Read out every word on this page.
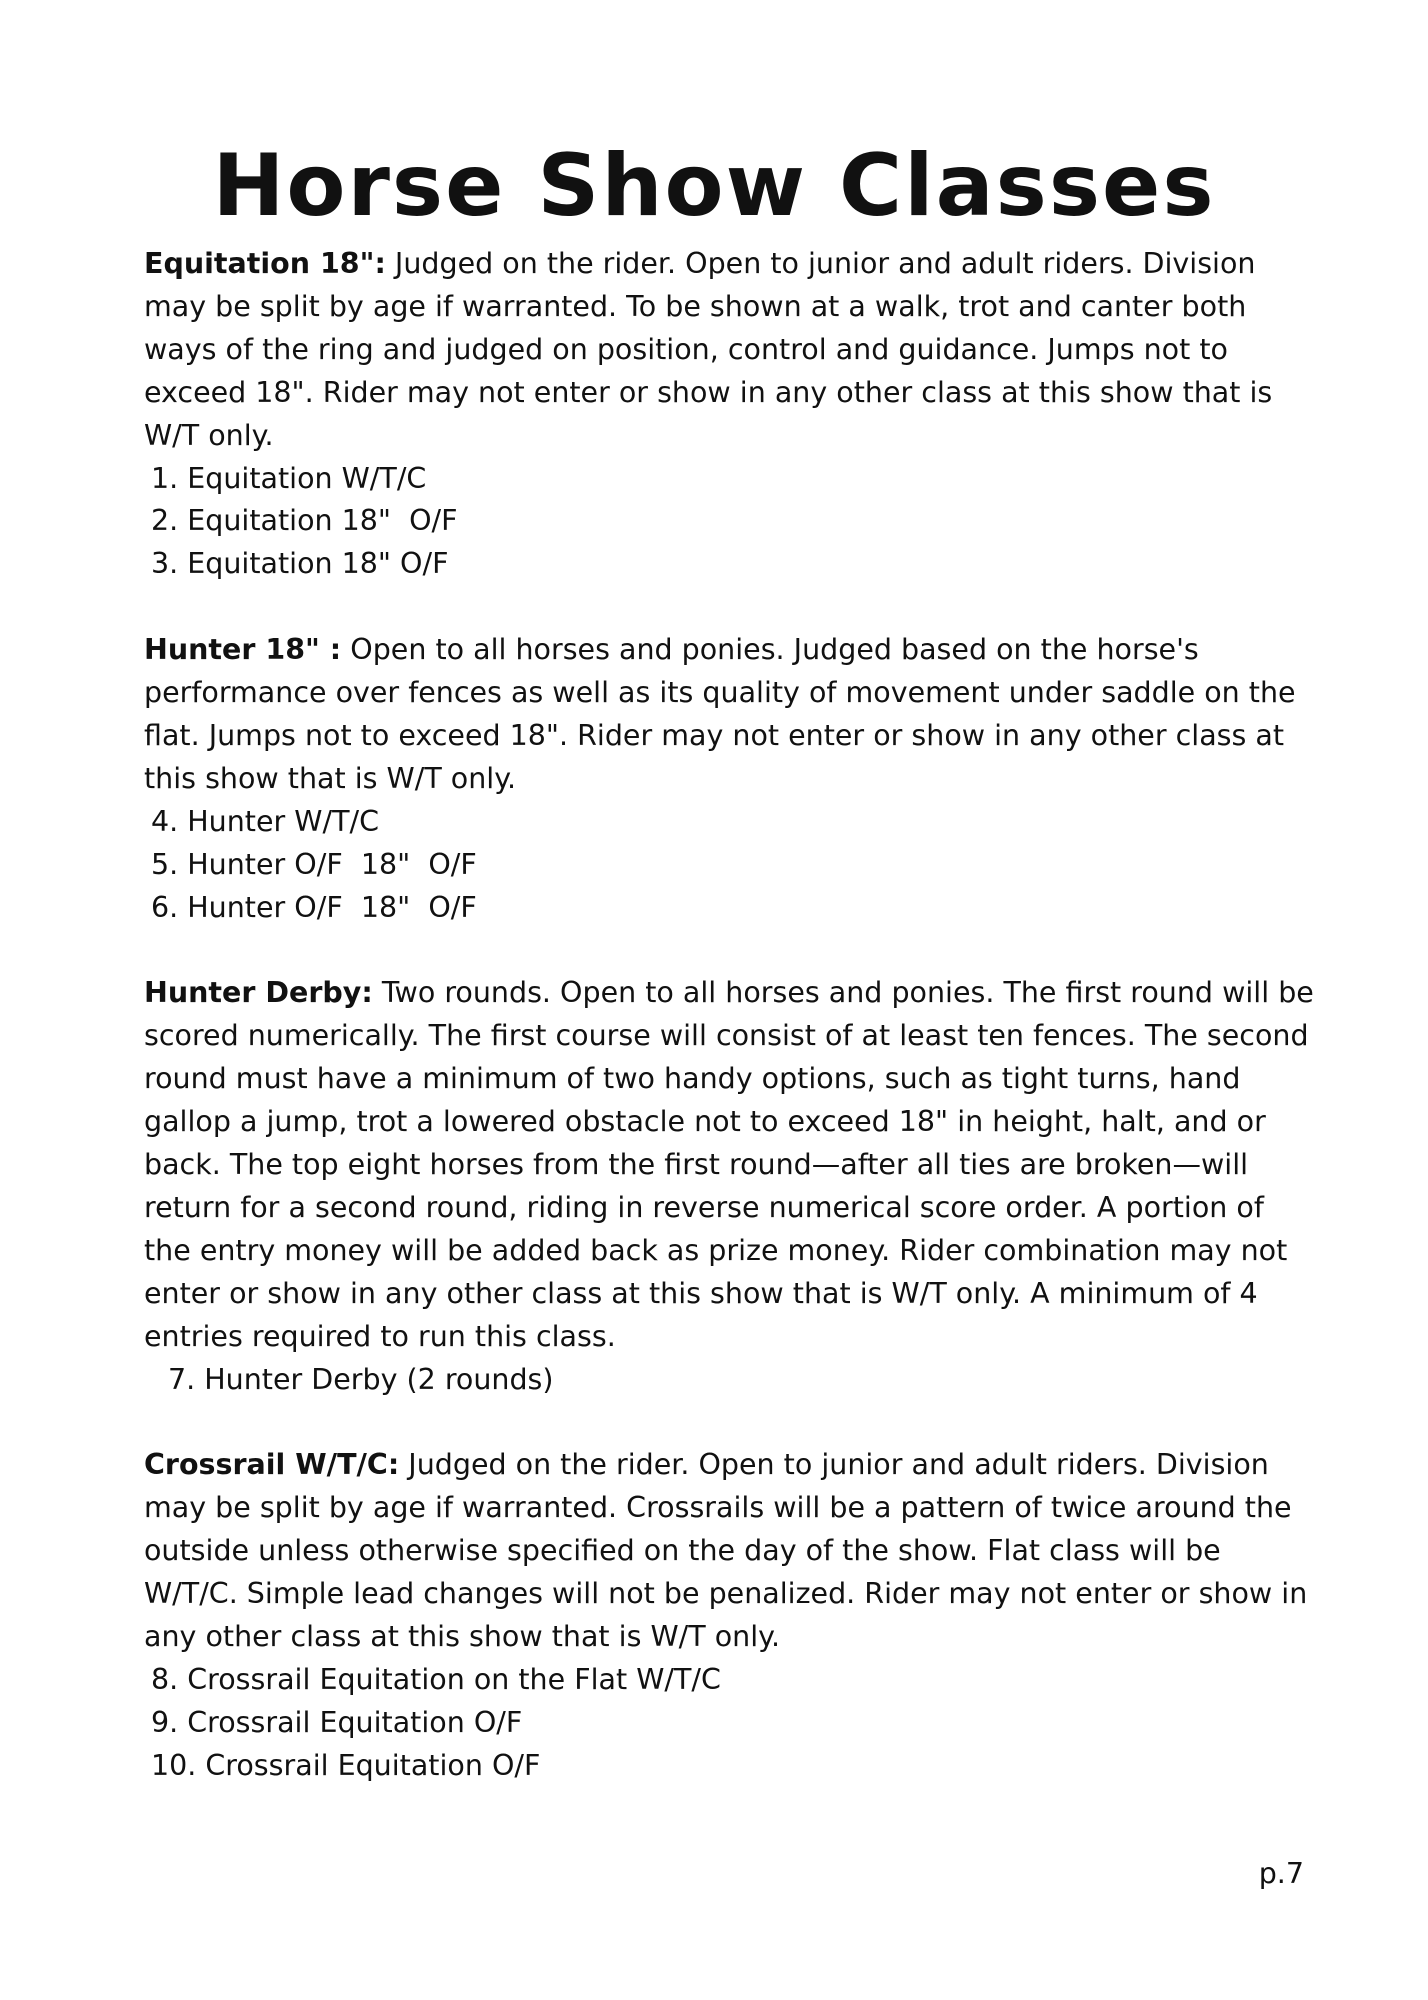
Horse Show Classes

Equitation 18": Judged on the rider. Open to junior and adult riders. Division may be split by age if warranted. To be shown at a walk, trot and canter both ways of the ring and judged on position, control and guidance. Jumps not to exceed 18". Rider may not enter or show in any other class at this show that is W/T only.

1. Equitation W/T/C
2. Equitation 18"  O/F
3. Equitation 18" O/F

Hunter 18" : Open to all horses and ponies. Judged based on the horse's performance over fences as well as its quality of movement under saddle on the flat. Jumps not to exceed 18". Rider may not enter or show in any other class at this show that is W/T only.

4. Hunter W/T/C
5. Hunter O/F  18"  O/F
6. Hunter O/F  18"  O/F

Hunter Derby: Two rounds. Open to all horses and ponies. The first round will be scored numerically. The first course will consist of at least ten fences. The second round must have a minimum of two handy options, such as tight turns, hand gallop a jump, trot a lowered obstacle not to exceed 18" in height, halt, and or back. The top eight horses from the first round—after all ties are broken—will return for a second round, riding in reverse numerical score order. A portion of the entry money will be added back as prize money. Rider combination may not enter or show in any other class at this show that is W/T only. A minimum of 4 entries required to run this class.

7. Hunter Derby (2 rounds)

Crossrail W/T/C: Judged on the rider. Open to junior and adult riders. Division may be split by age if warranted. Crossrails will be a pattern of twice around the outside unless otherwise specified on the day of the show. Flat class will be W/T/C. Simple lead changes will not be penalized. Rider may not enter or show in any other class at this show that is W/T only.

8. Crossrail Equitation on the Flat W/T/C
9. Crossrail Equitation O/F
10. Crossrail Equitation O/F
p.7
